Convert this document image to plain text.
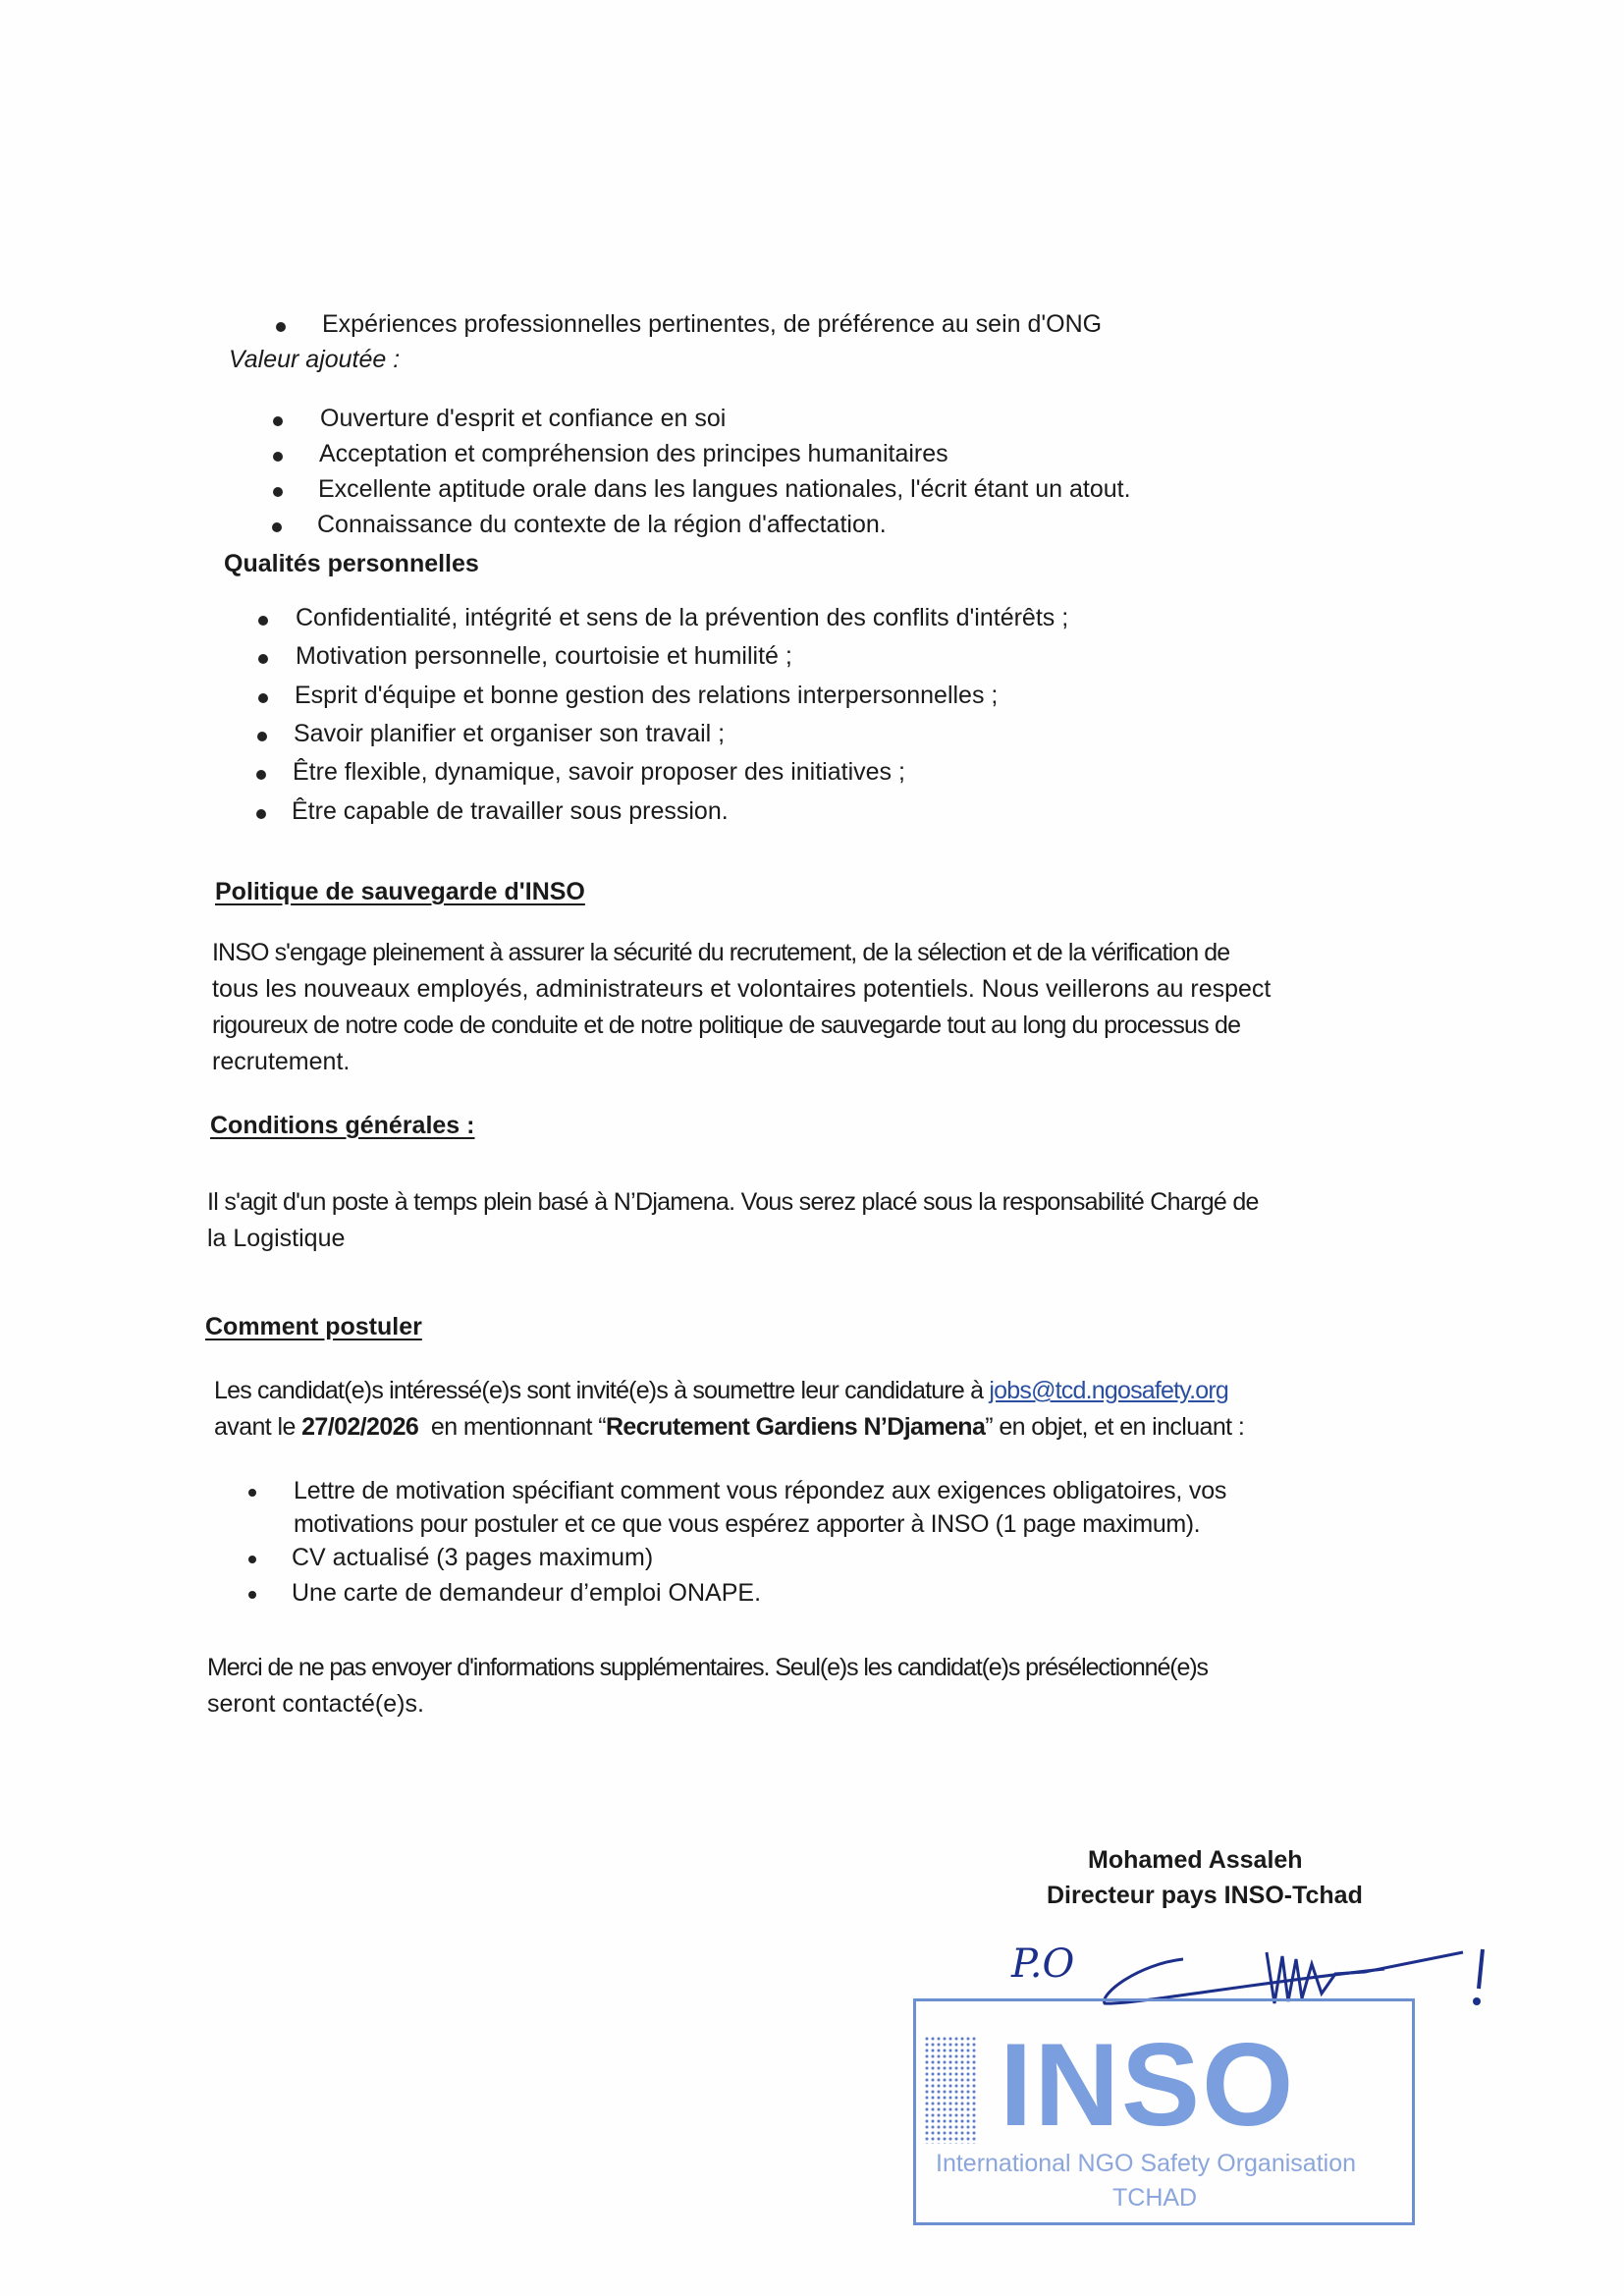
Expériences professionnelles pertinentes, de préférence au sein d'ONG
Valeur ajoutée :
Ouverture d'esprit et confiance en soi
Acceptation et compréhension des principes humanitaires
Excellente aptitude orale dans les langues nationales, l'écrit étant un atout.
Connaissance du contexte de la région d'affectation.
Qualités personnelles
Confidentialité, intégrité et sens de la prévention des conflits d'intérêts ;
Motivation personnelle, courtoisie et humilité ;
Esprit d'équipe et bonne gestion des relations interpersonnelles ;
Savoir planifier et organiser son travail ;
Être flexible, dynamique, savoir proposer des initiatives ;
Être capable de travailler sous pression.
Politique de sauvegarde d'INSO
INSO s'engage pleinement à assurer la sécurité du recrutement, de la sélection et de la vérification de
tous les nouveaux employés, administrateurs et volontaires potentiels. Nous veillerons au respect
rigoureux de notre code de conduite et de notre politique de sauvegarde tout au long du processus de
recrutement.
Conditions générales :
Il s'agit d'un poste à temps plein basé à N’Djamena. Vous serez placé sous la responsabilité Chargé de
la Logistique
Comment postuler
Les candidat(e)s intéressé(e)s sont invité(e)s à soumettre leur candidature à jobs@tcd.ngosafety.org
avant le 27/02/2026  en mentionnant “Recrutement Gardiens N’Djamena” en objet, et en incluant :
Lettre de motivation spécifiant comment vous répondez aux exigences obligatoires, vos
motivations pour postuler et ce que vous espérez apporter à INSO (1 page maximum).
CV actualisé (3 pages maximum)
Une carte de demandeur d’emploi ONAPE.
Merci de ne pas envoyer d'informations supplémentaires. Seul(e)s les candidat(e)s présélectionné(e)s
seront contacté(e)s.
Mohamed Assaleh
Directeur pays INSO-Tchad
P.O
INSO
International NGO Safety Organisation
TCHAD
